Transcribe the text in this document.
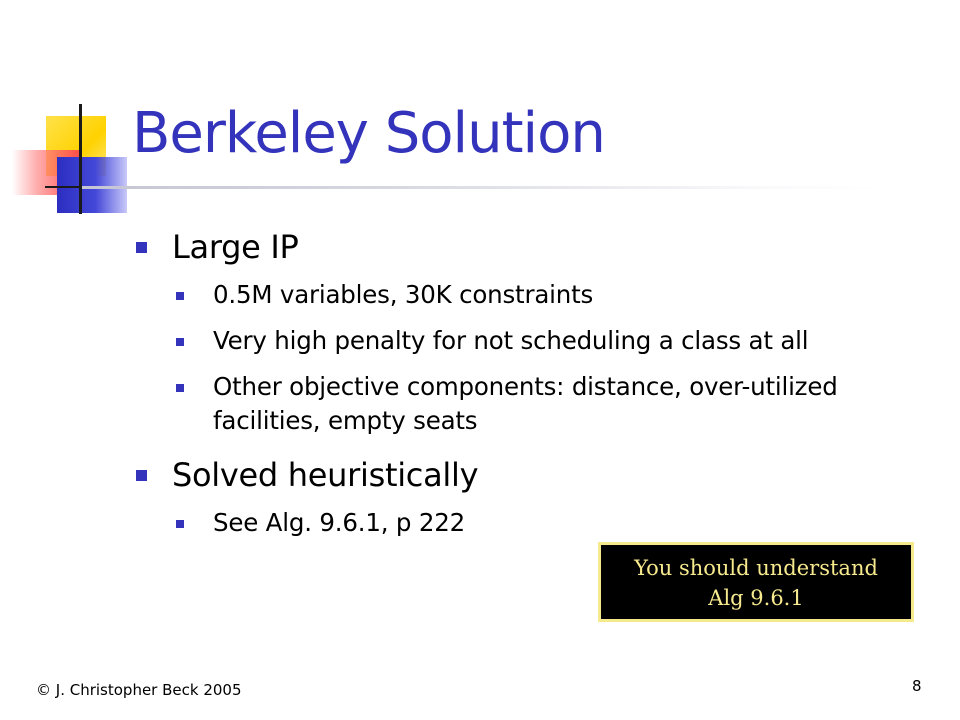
Berkeley Solution
Large IP
0.5M variables, 30K constraints
Very high penalty for not scheduling a class at all
Other objective components: distance, over-utilized facilities, empty seats
Solved heuristically
See Alg. 9.6.1, p 222
You should understand
Alg 9.6.1
© J. Christopher Beck 2005	8
